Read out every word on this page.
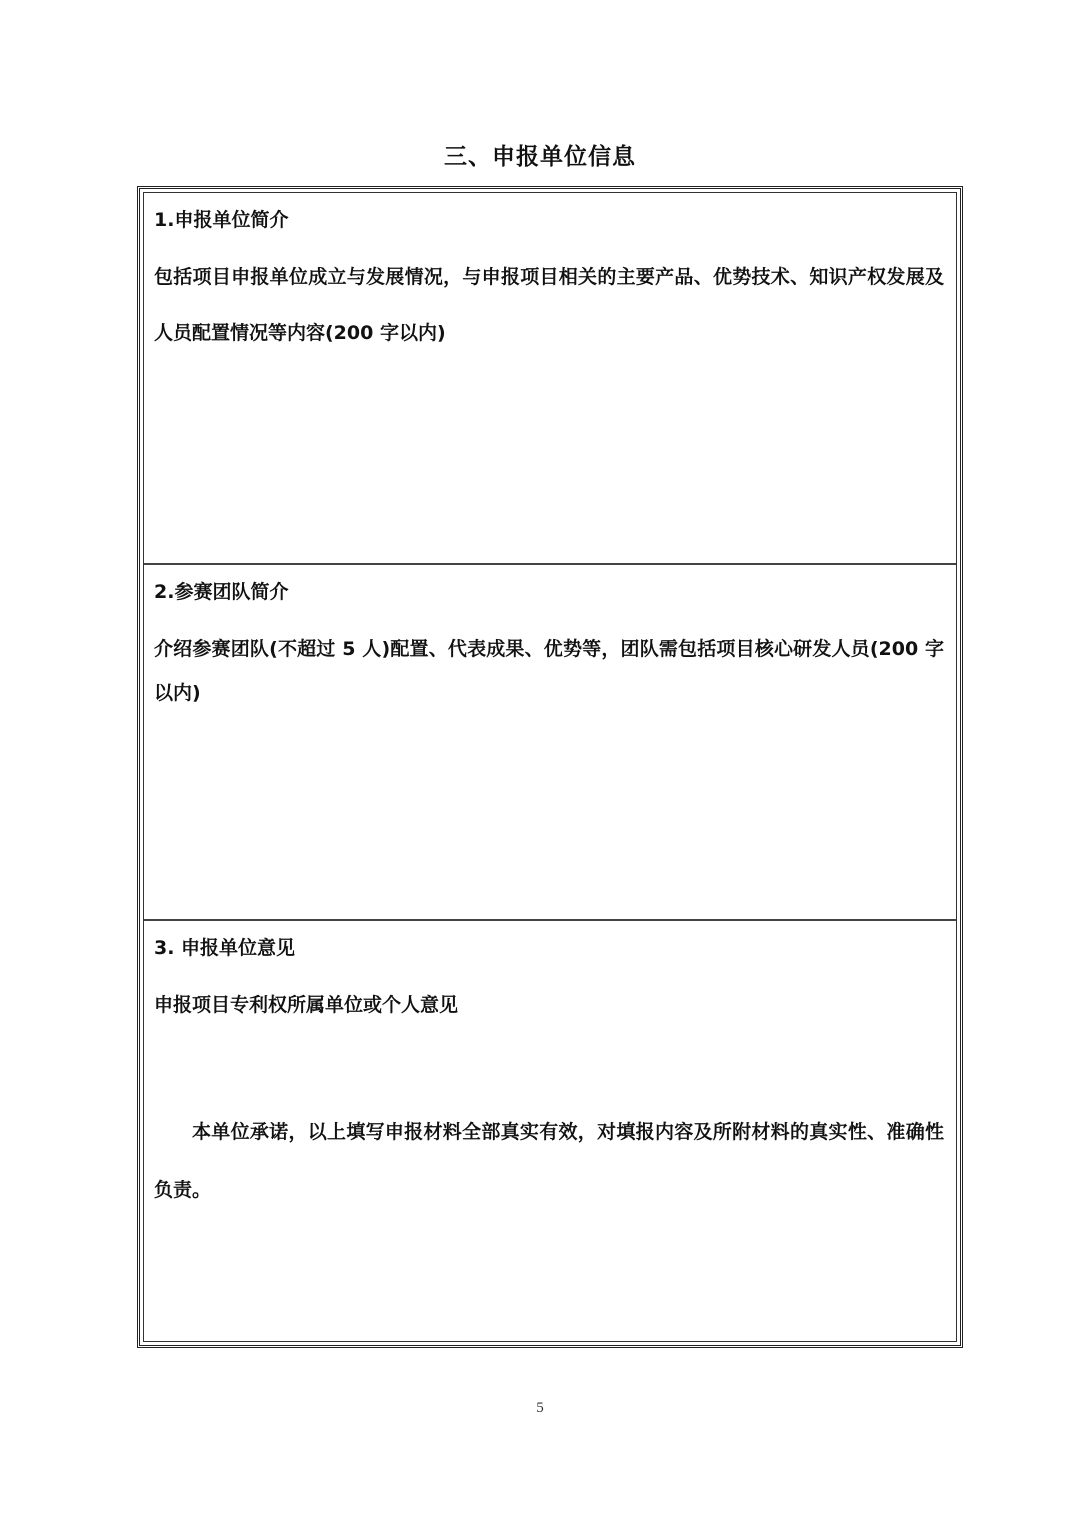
三、申报单位信息
1.申报单位简介
包括项目申报单位成立与发展情况，与申报项目相关的主要产品、优势技术、知识产权发展及人员配置情况等内容(200 字以内)
2.参赛团队简介
介绍参赛团队(不超过 5 人)配置、代表成果、优势等，团队需包括项目核心研发人员(200 字以内)
3. 申报单位意见
申报项目专利权所属单位或个人意见
本单位承诺，以上填写申报材料全部真实有效，对填报内容及所附材料的真实性、准确性负责。
5
